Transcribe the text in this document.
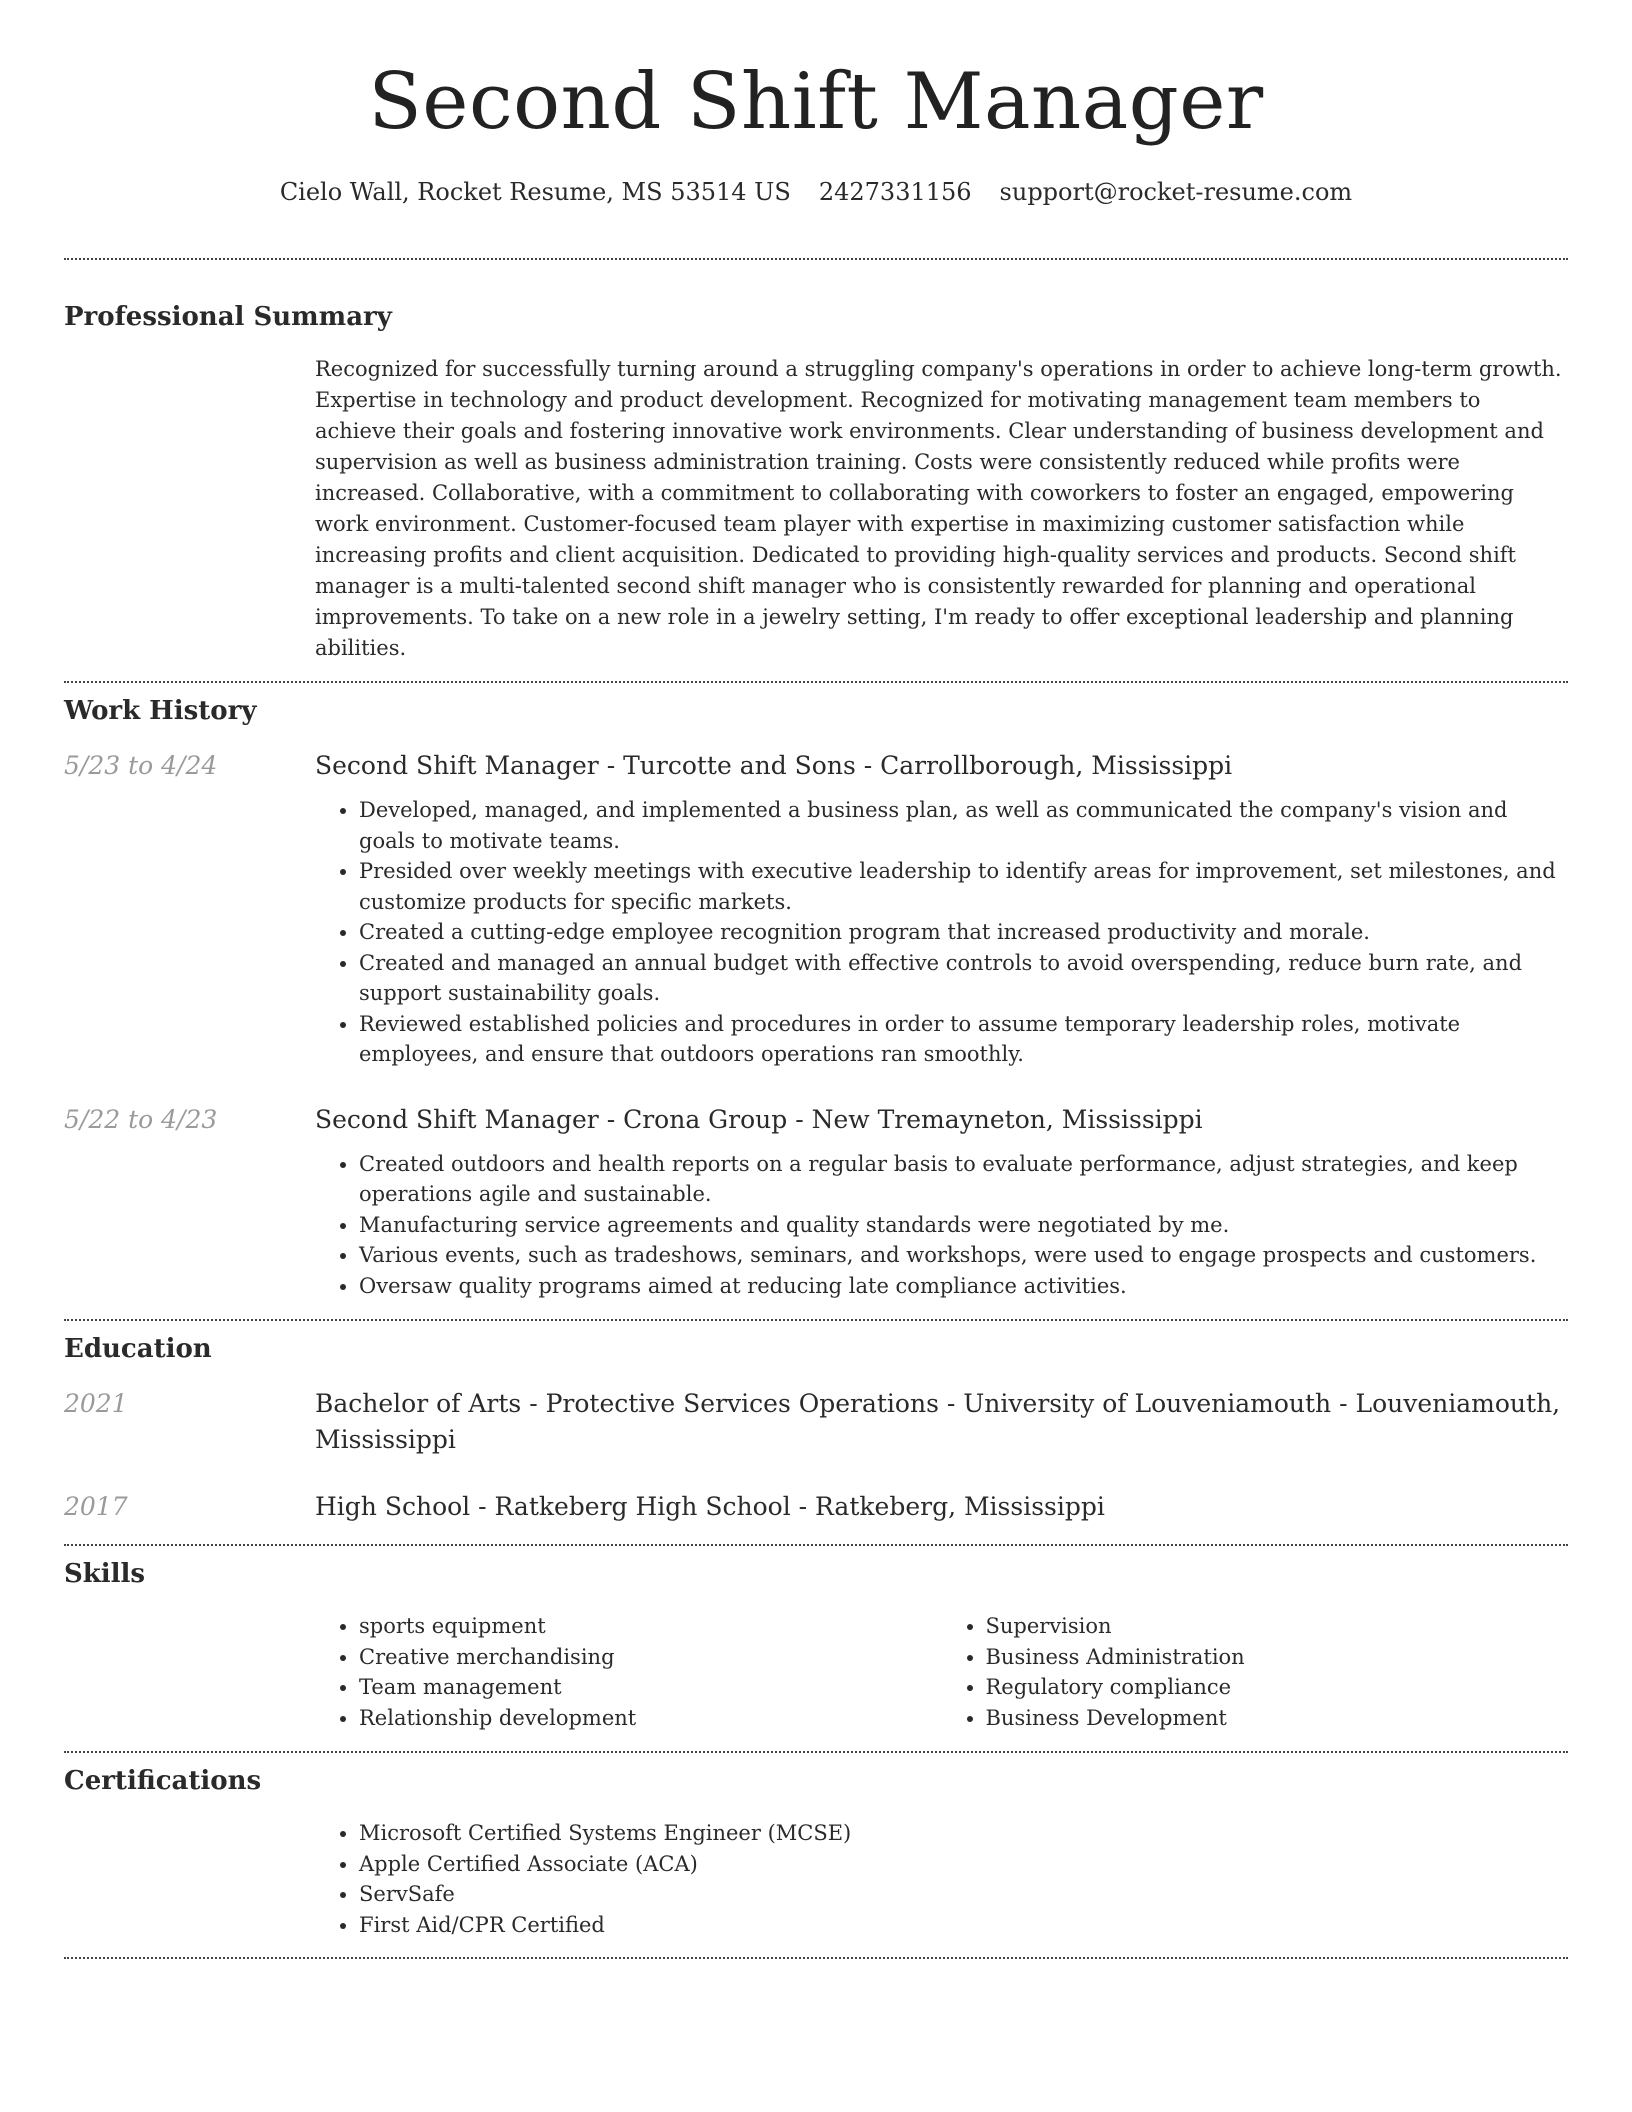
Second Shift Manager
Cielo Wall, Rocket Resume, MS 53514 US 2427331156 support@rocket-resume.com
Professional Summary

Recognized for successfully turning around a struggling company's operations in order to achieve long-term growth. Expertise in technology and product development. Recognized for motivating management team members to achieve their goals and fostering innovative work environments. Clear understanding of business development and supervision as well as business administration training. Costs were consistently reduced while profits were increased. Collaborative, with a commitment to collaborating with coworkers to foster an engaged, empowering work environment. Customer-focused team player with expertise in maximizing customer satisfaction while increasing profits and client acquisition. Dedicated to providing high-quality services and products. Second shift manager is a multi-talented second shift manager who is consistently rewarded for planning and operational improvements. To take on a new role in a jewelry setting, I'm ready to offer exceptional leadership and planning abilities.

Work History
5/23 to 4/24	Second Shift Manager - Turcotte and Sons - Carrollborough, Mississippi
• Developed, managed, and implemented a business plan, as well as communicated the company's vision and goals to motivate teams.
• Presided over weekly meetings with executive leadership to identify areas for improvement, set milestones, and customize products for specific markets.
• Created a cutting-edge employee recognition program that increased productivity and morale.
• Created and managed an annual budget with effective controls to avoid overspending, reduce burn rate, and support sustainability goals.
• Reviewed established policies and procedures in order to assume temporary leadership roles, motivate employees, and ensure that outdoors operations ran smoothly.
5/22 to 4/23	Second Shift Manager - Crona Group - New Tremayneton, Mississippi
• Created outdoors and health reports on a regular basis to evaluate performance, adjust strategies, and keep operations agile and sustainable.
• Manufacturing service agreements and quality standards were negotiated by me.
• Various events, such as tradeshows, seminars, and workshops, were used to engage prospects and customers.
• Oversaw quality programs aimed at reducing late compliance activities.
Education
2021	Bachelor of Arts - Protective Services Operations - University of Louveniamouth - Louveniamouth, Mississippi
2017	High School - Ratkeberg High School - Ratkeberg, Mississippi
Skills
• sports equipment
• Creative merchandising
• Team management
• Relationship development
• Supervision
• Business Administration
• Regulatory compliance
• Business Development
Certifications
• Microsoft Certified Systems Engineer (MCSE)
• Apple Certified Associate (ACA)
• ServSafe
• First Aid/CPR Certified
